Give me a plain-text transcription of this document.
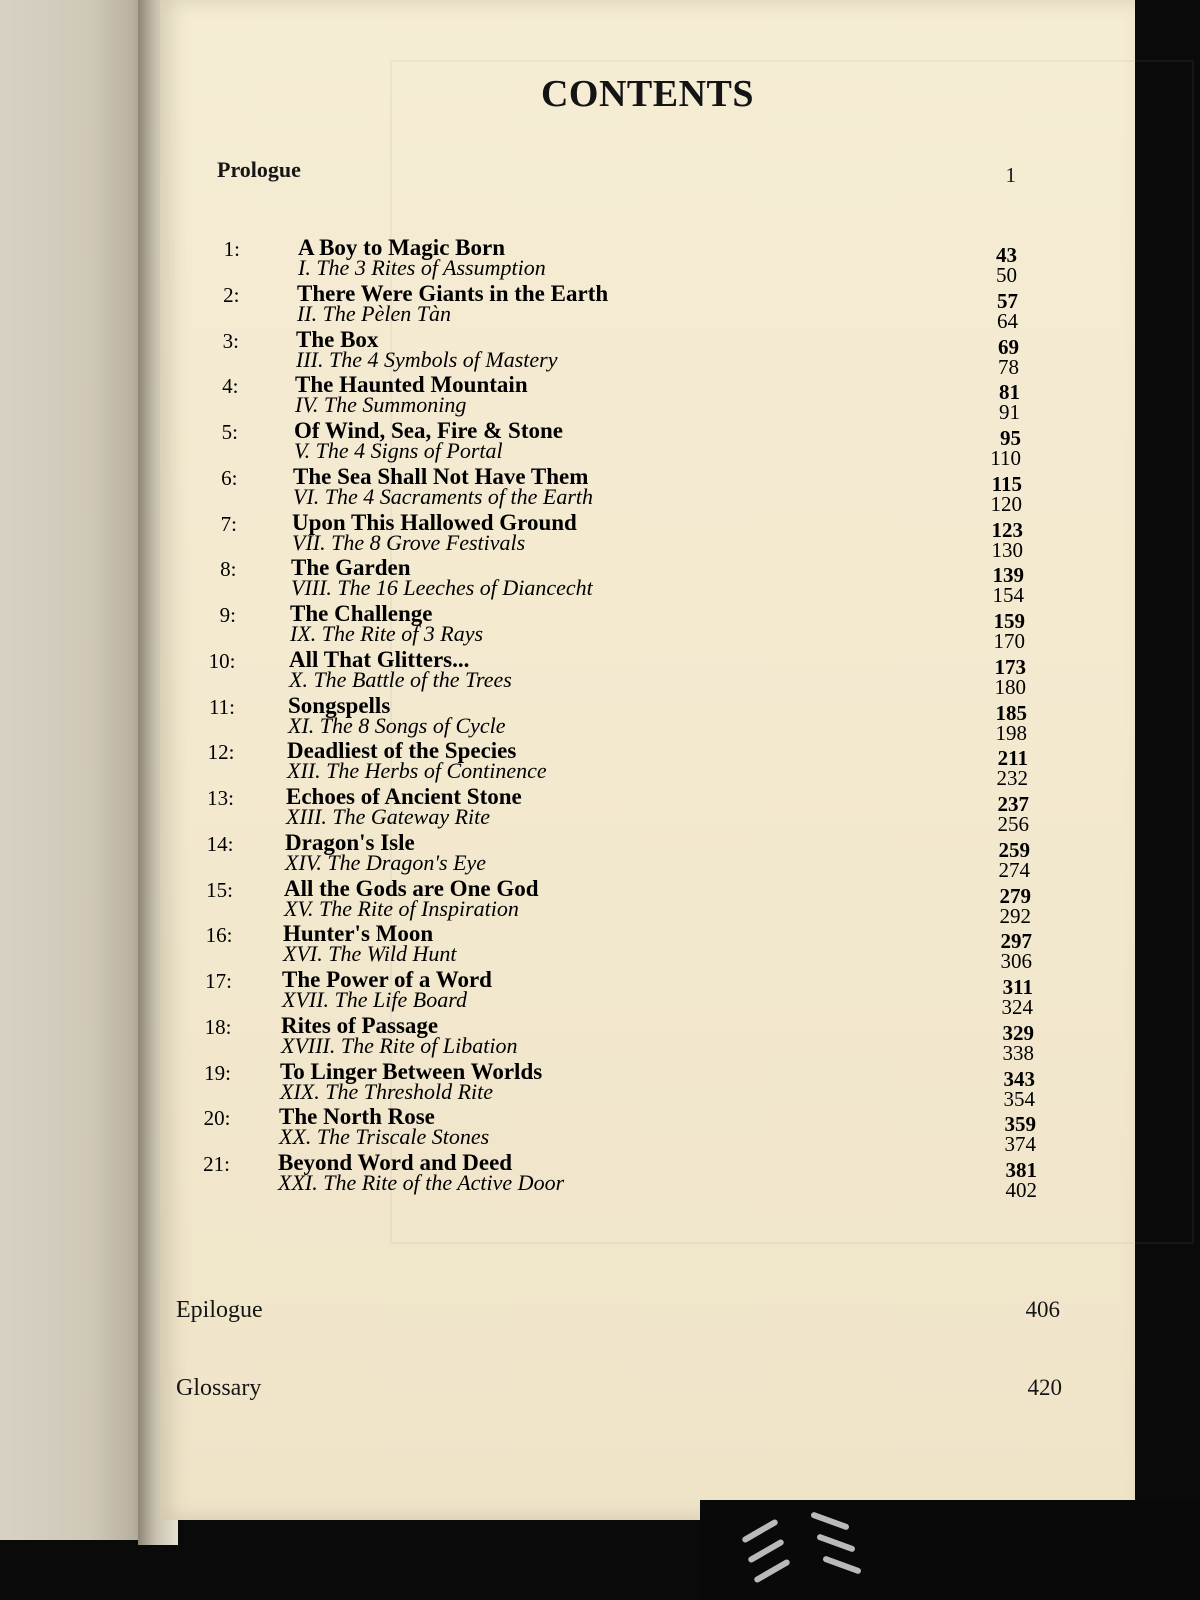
CONTENTS
Prologue	1
1:	A Boy to Magic Born	43
I. The 3 Rites of Assumption	50
2:	There Were Giants in the Earth	57
II. The Pèlen Tàn	64
3: The Box	69
III. The 4 Symbols of Mastery	78
4: The Haunted Mountain	81
IV. The Summoning	91
5: Of Wind, Sea, Fire & Stone	95
V. The 4 Signs of Portal	110
6: The Sea Shall Not Have Them	115
VI. The 4 Sacraments of the Earth	120
7: Upon This Hallowed Ground	123
VII. The 8 Grove Festivals	130
8: The Garden	139
VIII. The 16 Leeches of Diancecht	154
9: The Challenge	159
IX. The Rite of 3 Rays	170
10: All That Glitters...	173
X. The Battle of the Trees	180
11: Songspells	185
XI. The 8 Songs of Cycle	198
12: Deadliest of the Species	211
XII. The Herbs of Continence	232
13: Echoes of Ancient Stone	237
XIII. The Gateway Rite	256
14: Dragon's Isle	259
XIV. The Dragon's Eye	274
15: All the Gods are One God	279
XV. The Rite of Inspiration	292
16: Hunter's Moon	297
XVI. The Wild Hunt	306
17: The Power of a Word	311
XVII. The Life Board	324
18: Rites of Passage	329
XVIII. The Rite of Libation	338
19: To Linger Between Worlds	343
XIX. The Threshold Rite	354
20: The North Rose	359
XX. The Triscale Stones	374
21: Beyond Word and Deed	381
XXI. The Rite of the Active Door	402
Epilogue	406
Glossary	420
